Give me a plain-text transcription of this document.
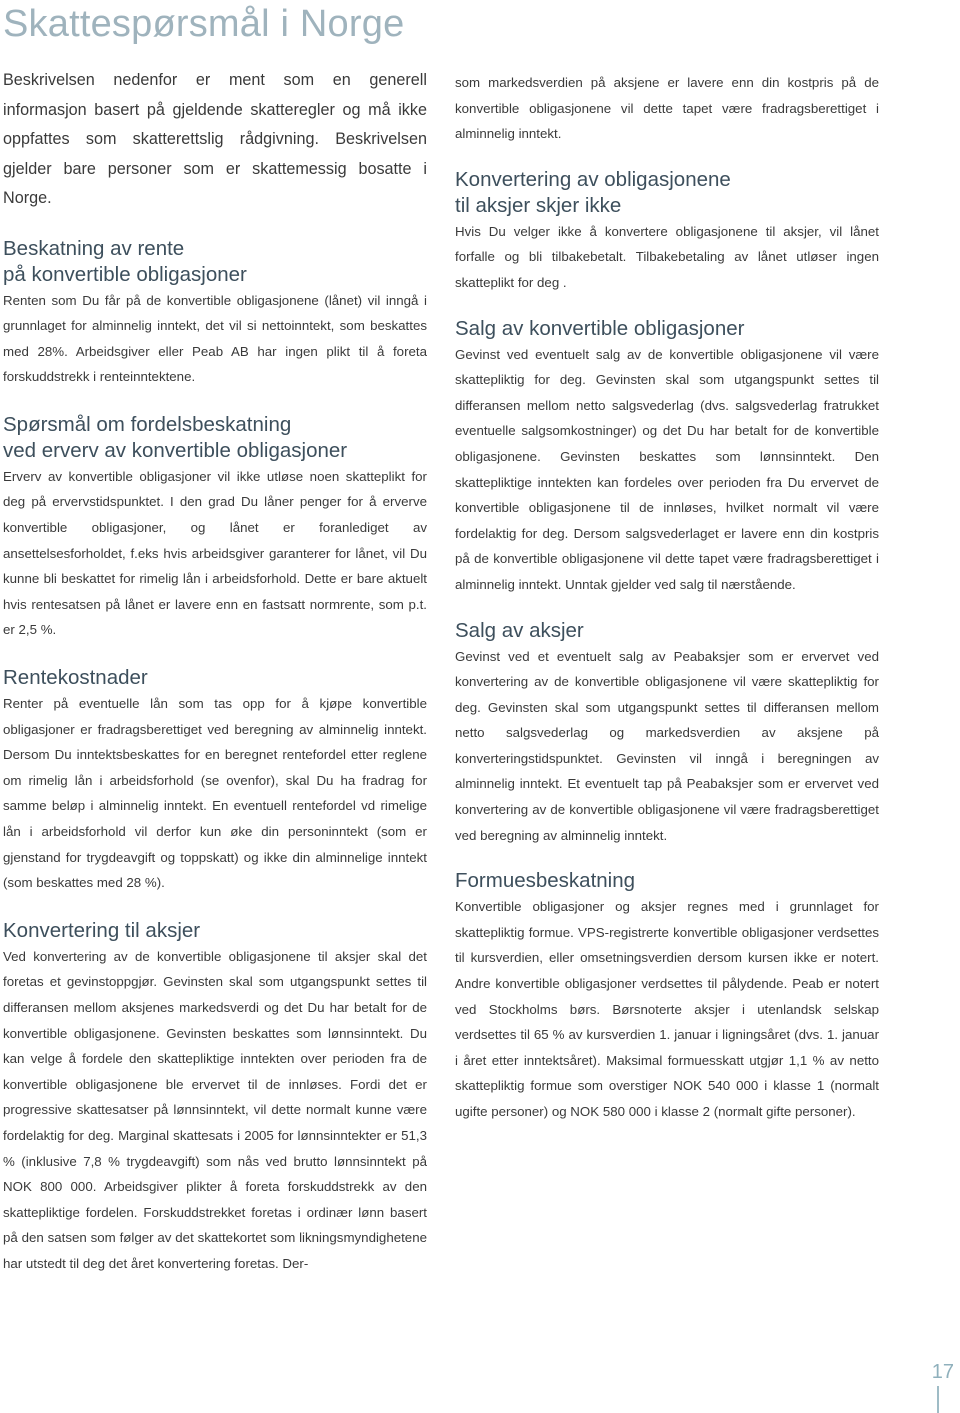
Skattespørsmål i Norge

Beskrivelsen nedenfor er ment som en generell informasjon basert på gjeldende skatteregler og må ikke oppfattes som skatterettslig rådgivning. Beskrivelsen gjelder bare personer som er skattemessig bosatte i Norge.

Beskatning av rente
på konvertible obligasjoner

Renten som Du får på de konvertible obligasjonene (lånet) vil inngå i grunnlaget for alminnelig inntekt, det vil si nettoinntekt, som beskattes med 28%. Arbeidsgiver eller Peab AB har ingen plikt til å foreta forskuddstrekk i renteinntektene.

Spørsmål om fordelsbeskatning
ved erverv av konvertible obligasjoner

Erverv av konvertible obligasjoner vil ikke utløse noen skatteplikt for deg på ervervstidspunktet. I den grad Du låner penger for å erverve konvertible obligasjoner, og lånet er foranlediget av ansettelsesforholdet, f.eks hvis arbeidsgiver garanterer for lånet, vil Du kunne bli beskattet for rimelig lån i arbeidsforhold. Dette er bare aktuelt hvis rentesatsen på lånet er lavere enn en fastsatt normrente, som p.t. er 2,5 %.

Rentekostnader

Renter på eventuelle lån som tas opp for å kjøpe konvertible obligasjoner er fradragsberettiget ved beregning av alminnelig inntekt. Dersom Du inntektsbeskattes for en beregnet rentefordel etter reglene om rimelig lån i arbeidsforhold (se ovenfor), skal Du ha fradrag for samme beløp i alminnelig inntekt. En eventuell rentefordel vd rimelige lån i arbeidsforhold vil derfor kun øke din personinntekt (som er gjenstand for trygdeavgift og toppskatt) og ikke din alminnelige inntekt (som beskattes med 28 %).

Konvertering til aksjer

Ved konvertering av de konvertible obligasjonene til aksjer skal det foretas et gevinstoppgjør. Gevinsten skal som utgangspunkt settes til differansen mellom aksjenes markedsverdi og det Du har betalt for de konvertible obligasjonene. Gevinsten beskattes som lønnsinntekt. Du kan velge å fordele den skattepliktige inntekten over perioden fra de konvertible obligasjonene ble ervervet til de innløses. Fordi det er progressive skattesatser på lønnsinntekt, vil dette normalt kunne være fordelaktig for deg. Marginal skattesats i 2005 for lønnsinntekter er 51,3 % (inklusive 7,8 % trygdeavgift) som nås ved brutto lønnsinntekt på NOK 800 000. Arbeidsgiver plikter å foreta forskuddstrekk av den skattepliktige fordelen. Forskuddstrekket foretas i ordinær lønn basert på den satsen som følger av det skattekortet som likningsmyndighetene har utstedt til deg det året konvertering foretas. Der-

som markedsverdien på aksjene er lavere enn din kostpris på de konvertible obligasjonene vil dette tapet være fradragsberettiget i alminnelig inntekt.

Konvertering av obligasjonene
til aksjer skjer ikke

Hvis Du velger ikke å konvertere obligasjonene til aksjer, vil lånet forfalle og bli tilbakebetalt. Tilbakebetaling av lånet utløser ingen skatteplikt for deg .

Salg av konvertible obligasjoner

Gevinst ved eventuelt salg av de konvertible obligasjonene vil være skattepliktig for deg. Gevinsten skal som utgangspunkt settes til differansen mellom netto salgsvederlag (dvs. salgsvederlag fratrukket eventuelle salgsomkostninger) og det Du har betalt for de konvertible obligasjonene. Gevinsten beskattes som lønnsinntekt. Den skattepliktige inntekten kan fordeles over perioden fra Du ervervet de konvertible obligasjonene til de innløses, hvilket normalt vil være fordelaktig for deg. Dersom salgsvederlaget er lavere enn din kostpris på de konvertible obligasjonene vil dette tapet være fradragsberettiget i alminnelig inntekt. Unntak gjelder ved salg til nærstående.

Salg av aksjer

Gevinst ved et eventuelt salg av Peabaksjer som er ervervet ved konvertering av de konvertible obligasjonene vil være skattepliktig for deg. Gevinsten skal som utgangspunkt settes til differansen mellom netto salgsvederlag og markedsverdien av aksjene på konverteringstidspunktet. Gevinsten vil inngå i beregningen av alminnelig inntekt. Et eventuelt tap på Peabaksjer som er ervervet ved konvertering av de konvertible obligasjonene vil være fradragsberettiget ved beregning av alminnelig inntekt.

Formuesbeskatning

Konvertible obligasjoner og aksjer regnes med i grunnlaget for skattepliktig formue. VPS-registrerte konvertible obligasjoner verdsettes til kursverdien, eller omsetningsverdien dersom kursen ikke er notert. Andre konvertible obligasjoner verdsettes til pålydende. Peab er notert ved Stockholms børs. Børsnoterte aksjer i utenlandsk selskap verdsettes til 65 % av kursverdien 1. januar i ligningsåret (dvs. 1. januar i året etter inntektsåret). Maksimal formuesskatt utgjør 1,1 % av netto skattepliktig formue som overstiger NOK 540 000 i klasse 1 (normalt ugifte personer) og NOK 580 000 i klasse 2 (normalt gifte personer).

17
